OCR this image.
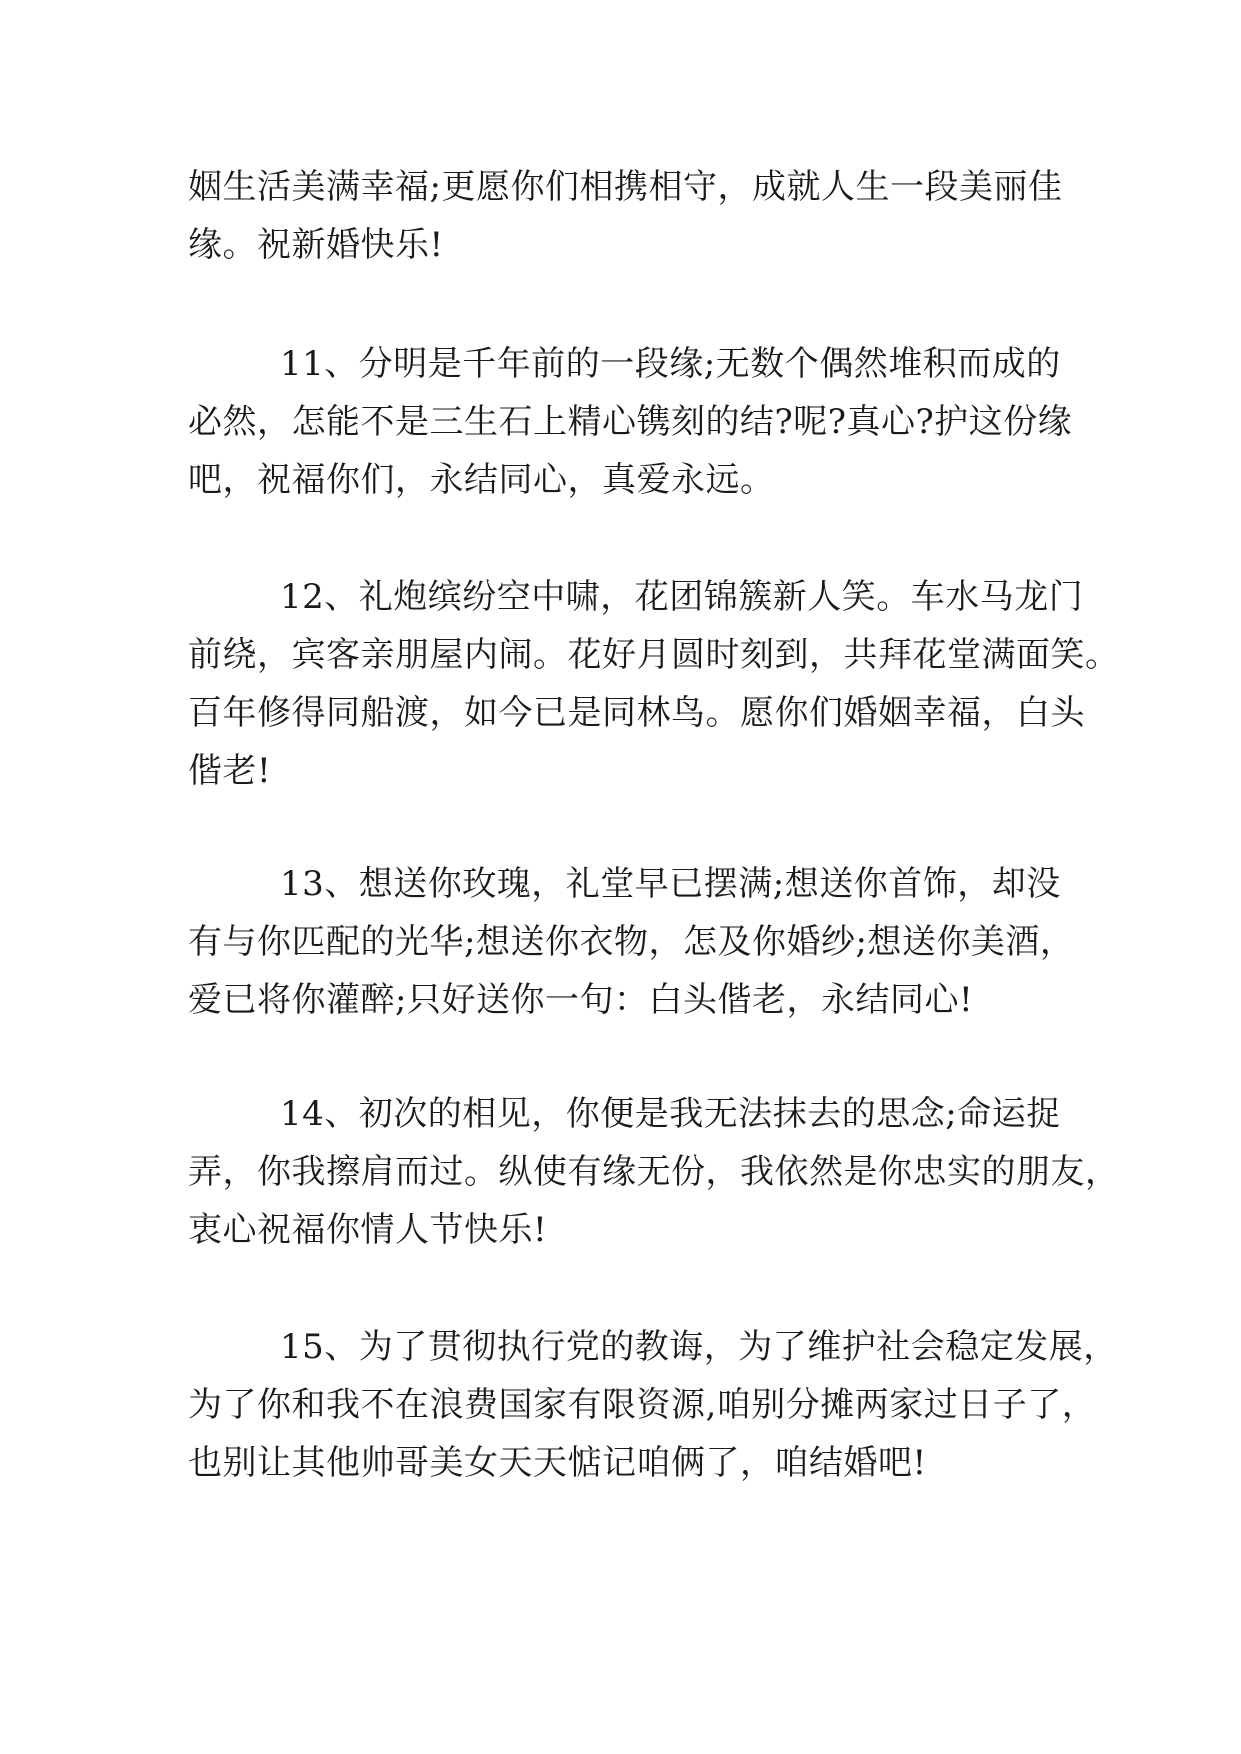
姻生活美满幸福;更愿你们相携相守，成就人生一段美丽佳
缘。祝新婚快乐!

11、分明是千年前的一段缘;无数个偶然堆积而成的
必然，怎能不是三生石上精心镌刻的结?呢?真心?护这份缘
吧，祝福你们，永结同心，真爱永远。

12、礼炮缤纷空中啸，花团锦簇新人笑。车水马龙门
前绕，宾客亲朋屋内闹。花好月圆时刻到，共拜花堂满面笑。
百年修得同船渡，如今已是同林鸟。愿你们婚姻幸福，白头
偕老!

13、想送你玫瑰，礼堂早已摆满;想送你首饰，却没
有与你匹配的光华;想送你衣物，怎及你婚纱;想送你美酒，
爱已将你灌醉;只好送你一句：白头偕老，永结同心!

14、初次的相见，你便是我无法抹去的思念;命运捉
弄，你我擦肩而过。纵使有缘无份，我依然是你忠实的朋友，
衷心祝福你情人节快乐!

15、为了贯彻执行党的教诲，为了维护社会稳定发展，
为了你和我不在浪费国家有限资源,咱别分摊两家过日子了，
也别让其他帅哥美女天天惦记咱俩了，咱结婚吧!
